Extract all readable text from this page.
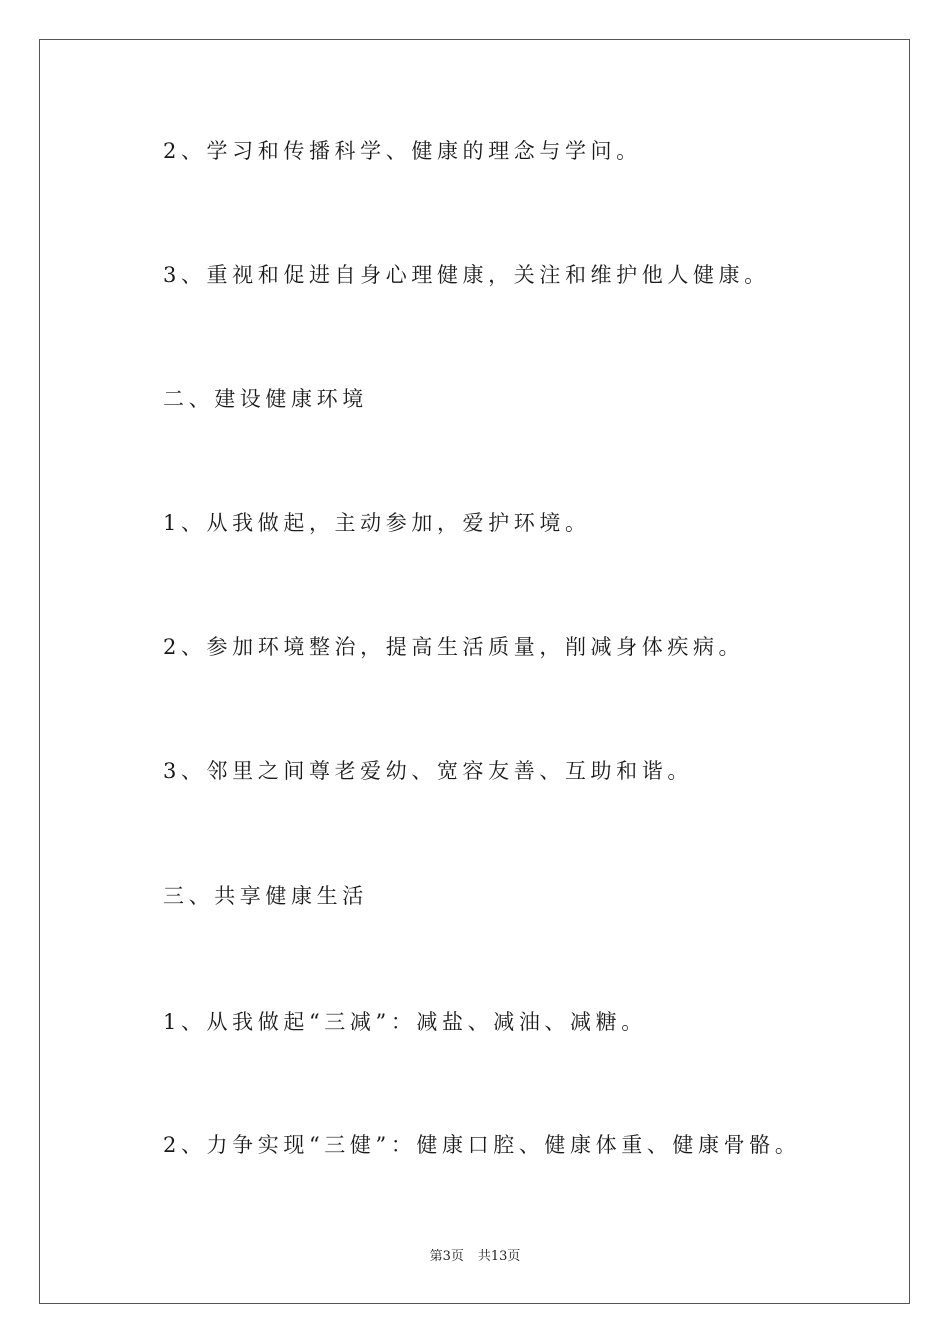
2、学习和传播科学、健康的理念与学问。
3、重视和促进自身心理健康，关注和维护他人健康。
二、建设健康环境
1、从我做起，主动参加，爱护环境。
2、参加环境整治，提高生活质量，削减身体疾病。
3、邻里之间尊老爱幼、宽容友善、互助和谐。
三、共享健康生活
1、从我做起“三减”：减盐、减油、减糖。
2、力争实现“三健”：健康口腔、健康体重、健康骨骼。
第3页 共13页
